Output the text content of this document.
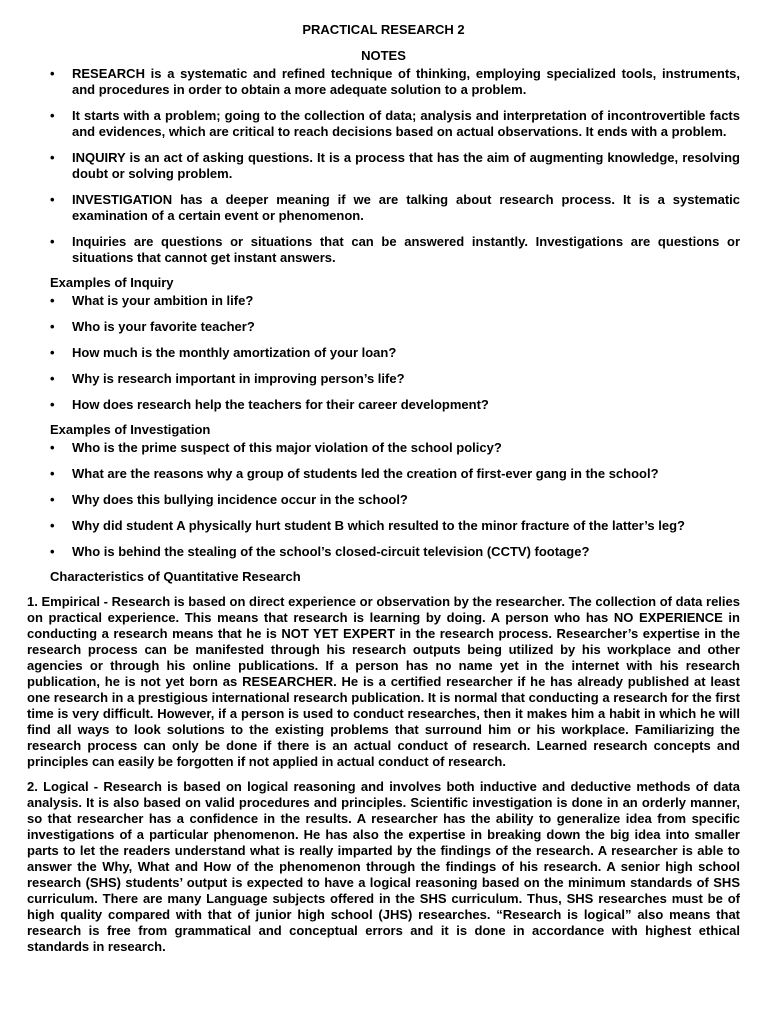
PRACTICAL RESEARCH 2
NOTES
• RESEARCH is a systematic and refined technique of thinking, employing specialized tools, instruments, and procedures in order to obtain a more adequate solution to a problem.
• It starts with a problem; going to the collection of data; analysis and interpretation of incontrovertible facts and evidences, which are critical to reach decisions based on actual observations. It ends with a problem.
• INQUIRY is an act of asking questions. It is a process that has the aim of augmenting knowledge, resolving doubt or solving problem.
• INVESTIGATION has a deeper meaning if we are talking about research process. It is a systematic examination of a certain event or phenomenon.
• Inquiries are questions or situations that can be answered instantly. Investigations are questions or situations that cannot get instant answers.
Examples of Inquiry
• What is your ambition in life?
• Who is your favorite teacher?
• How much is the monthly amortization of your loan?
• Why is research important in improving person’s life?
• How does research help the teachers for their career development?
Examples of Investigation
• Who is the prime suspect of this major violation of the school policy?
• What are the reasons why a group of students led the creation of first-ever gang in the school?
• Why does this bullying incidence occur in the school?
• Why did student A physically hurt student B which resulted to the minor fracture of the latter’s leg?
• Who is behind the stealing of the school’s closed-circuit television (CCTV) footage?
Characteristics of Quantitative Research

1. Empirical - Research is based on direct experience or observation by the researcher. The collection of data relies on practical experience. This means that research is learning by doing. A person who has NO EXPERIENCE in conducting a research means that he is NOT YET EXPERT in the research process. Researcher’s expertise in the research process can be manifested through his research outputs being utilized by his workplace and other agencies or through his online publications. If a person has no name yet in the internet with his research publication, he is not yet born as RESEARCHER. He is a certified researcher if he has already published at least one research in a prestigious international research publication. It is normal that conducting a research for the first time is very difficult. However, if a person is used to conduct researches, then it makes him a habit in which he will find all ways to look solutions to the existing problems that surround him or his workplace. Familiarizing the research process can only be done if there is an actual conduct of research. Learned research concepts and principles can easily be forgotten if not applied in actual conduct of research.

2. Logical - Research is based on logical reasoning and involves both inductive and deductive methods of data analysis. It is also based on valid procedures and principles. Scientific investigation is done in an orderly manner, so that researcher has a confidence in the results. A researcher has the ability to generalize idea from specific investigations of a particular phenomenon. He has also the expertise in breaking down the big idea into smaller parts to let the readers understand what is really imparted by the findings of the research. A researcher is able to answer the Why, What and How of the phenomenon through the findings of his research. A senior high school research (SHS) students’ output is expected to have a logical reasoning based on the minimum standards of SHS curriculum. There are many Language subjects offered in the SHS curriculum. Thus, SHS researches must be of high quality compared with that of junior high school (JHS) researches. “Research is logical” also means that research is free from grammatical and conceptual errors and it is done in accordance with highest ethical standards in research.
